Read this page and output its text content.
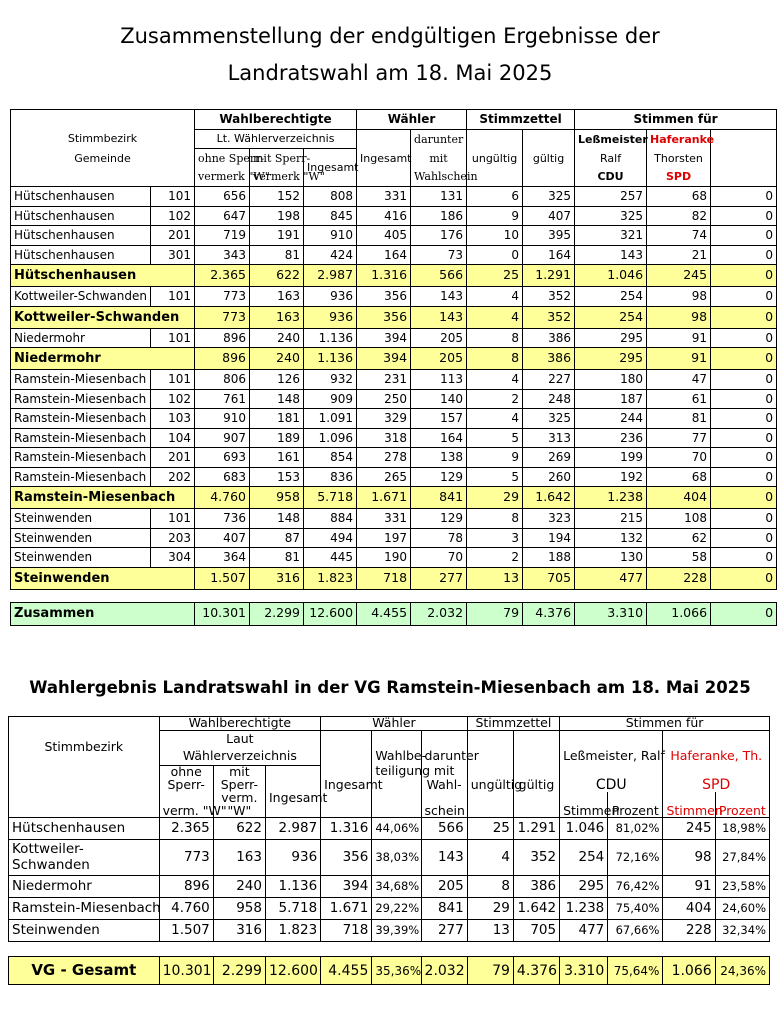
Zusammenstellung der endgültigen Ergebnisse der
Landratswahl am 18. Mai 2025
		Wahlberechtigte			Wähler		Stimmzettel		Stimmen für		
Stimmbezirk		Lt. Wählerverzeichnis				darunter			Leßmeister	Haferanke	
Gemeinde		ohne Sperr-	mit Sperr-	Ingesamt	Ingesamt	mit	ungültig	gültig	Ralf	Thorsten	
		vermerk "W"	vermerk "W"			Wahlschein			CDU	SPD	
Hütschenhausen	101	656	152	808	331	131	6	325	257	68	0
Hütschenhausen	102	647	198	845	416	186	9	407	325	82	0
Hütschenhausen	201	719	191	910	405	176	10	395	321	74	0
Hütschenhausen	301	343	81	424	164	73	0	164	143	21	0
Hütschenhausen		2.365	622	2.987	1.316	566	25	1.291	1.046	245	0
Kottweiler-Schwanden	101	773	163	936	356	143	4	352	254	98	0
Kottweiler-Schwanden		773	163	936	356	143	4	352	254	98	0
Niedermohr	101	896	240	1.136	394	205	8	386	295	91	0
Niedermohr		896	240	1.136	394	205	8	386	295	91	0
Ramstein-Miesenbach	101	806	126	932	231	113	4	227	180	47	0
Ramstein-Miesenbach	102	761	148	909	250	140	2	248	187	61	0
Ramstein-Miesenbach	103	910	181	1.091	329	157	4	325	244	81	0
Ramstein-Miesenbach	104	907	189	1.096	318	164	5	313	236	77	0
Ramstein-Miesenbach	201	693	161	854	278	138	9	269	199	70	0
Ramstein-Miesenbach	202	683	153	836	265	129	5	260	192	68	0
Ramstein-Miesenbach		4.760	958	5.718	1.671	841	29	1.642	1.238	404	0
Steinwenden	101	736	148	884	331	129	8	323	215	108	0
Steinwenden	203	407	87	494	197	78	3	194	132	62	0
Steinwenden	304	364	81	445	190	70	2	188	130	58	0
Steinwenden		1.507	316	1.823	718	277	13	705	477	228	0

Zusammen		10.301	2.299	12.600	4.455	2.032	79	4.376	3.310	1.066	0
Wahlergebnis Landratswahl in der VG Ramstein-Miesenbach am 18. Mai 2025
	Wahlberechtigte			Wähler			Stimmzettel		Stimmen für			
Stimmbezirk	Laut											
	Wählerverzeichnis				Wahlbe-	darunter			Leßmeister, Ralf		Haferanke, Th.	
	ohne	mit			teiligung	mit						
	Sperr-	Sperr-		Ingesamt		Wahl-	ungültig	gültig	CDU		SPD	
		verm.	Ingesamt									
	verm. "W"	"W"				schein			Stimmen	Prozent	Stimmen	Prozent

Hütschenhausen	2.365	622	2.987	1.316	44,06%	566	25	1.291	1.046	81,02%	245	18,98%

Kottweiler-
Schwanden	773	163	936	356	38,03%	143	4	352	254	72,16%	98	27,84%

Niedermohr	896	240	1.136	394	34,68%	205	8	386	295	76,42%	91	23,58%

Ramstein-Miesenbach	4.760	958	5.718	1.671	29,22%	841	29	1.642	1.238	75,40%	404	24,60%

Steinwenden	1.507	316	1.823	718	39,39%	277	13	705	477	67,66%	228	32,34%

VG - Gesamt	10.301	2.299	12.600	4.455	35,36%	2.032	79	4.376	3.310	75,64%	1.066	24,36%
